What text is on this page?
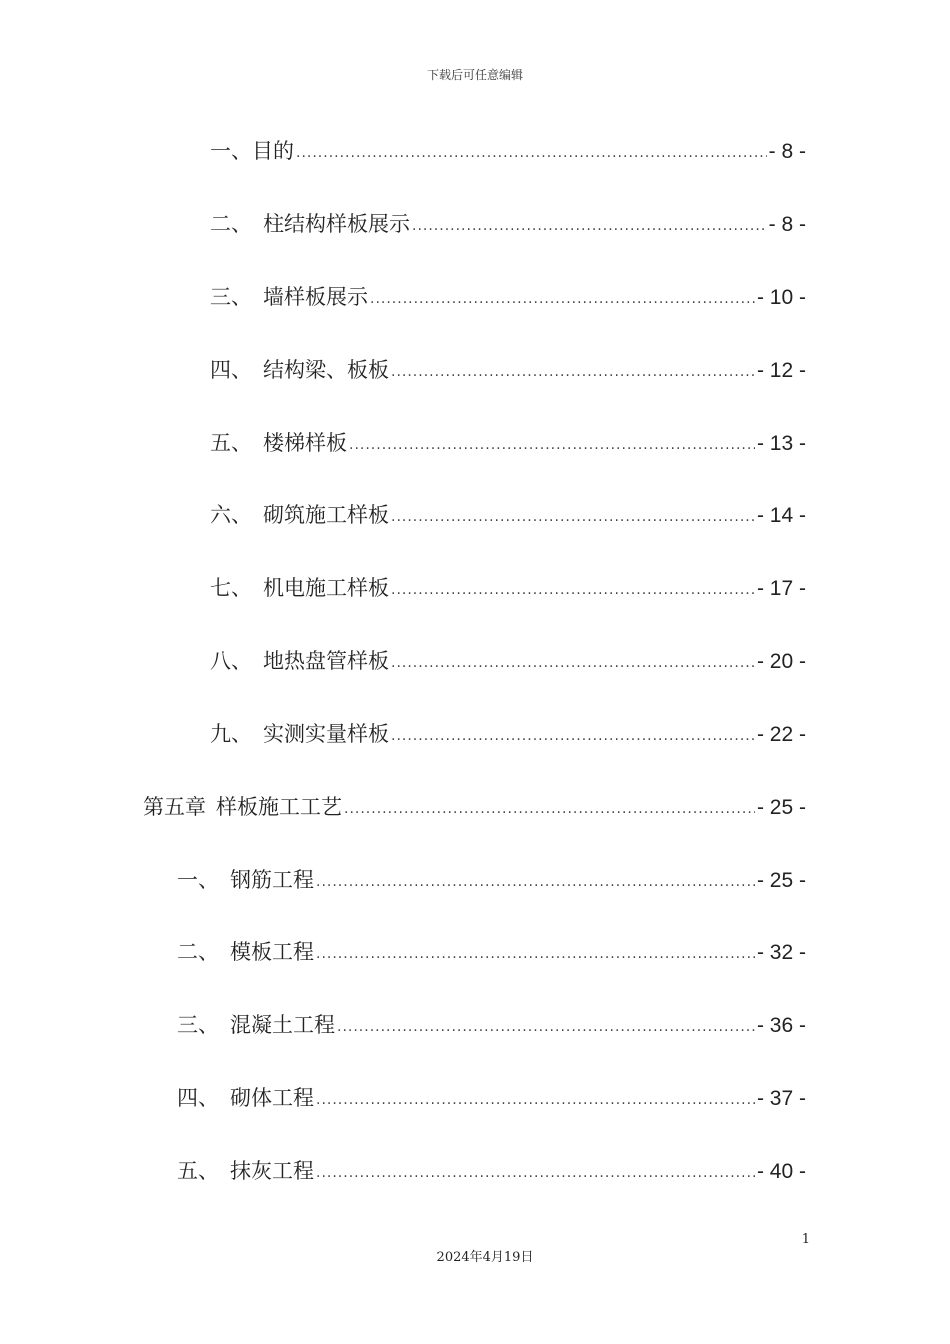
下载后可任意编辑
一、 目的 .....	- 8 -
二、 柱结构样板展示 .....	- 8 -
三、 墙样板展示 .....	- 10 -
四、 结构梁、板板 .....	- 12 -
五、 楼梯样板 .....	- 13 -
六、 砌筑施工样板 .....	- 14 -
七、 机电施工样板 .....	- 17 -
八、 地热盘管样板 .....	- 20 -
九、 实测实量样板 .....	- 22 -
第五章 样板施工工艺 .....	- 25 -
一、 钢筋工程 .....	- 25 -
二、 模板工程 .....	- 32 -
三、 混凝土工程 .....	- 36 -
四、 砌体工程 .....	- 37 -
五、 抹灰工程 .....	- 40 -
1
2024年4月19日
